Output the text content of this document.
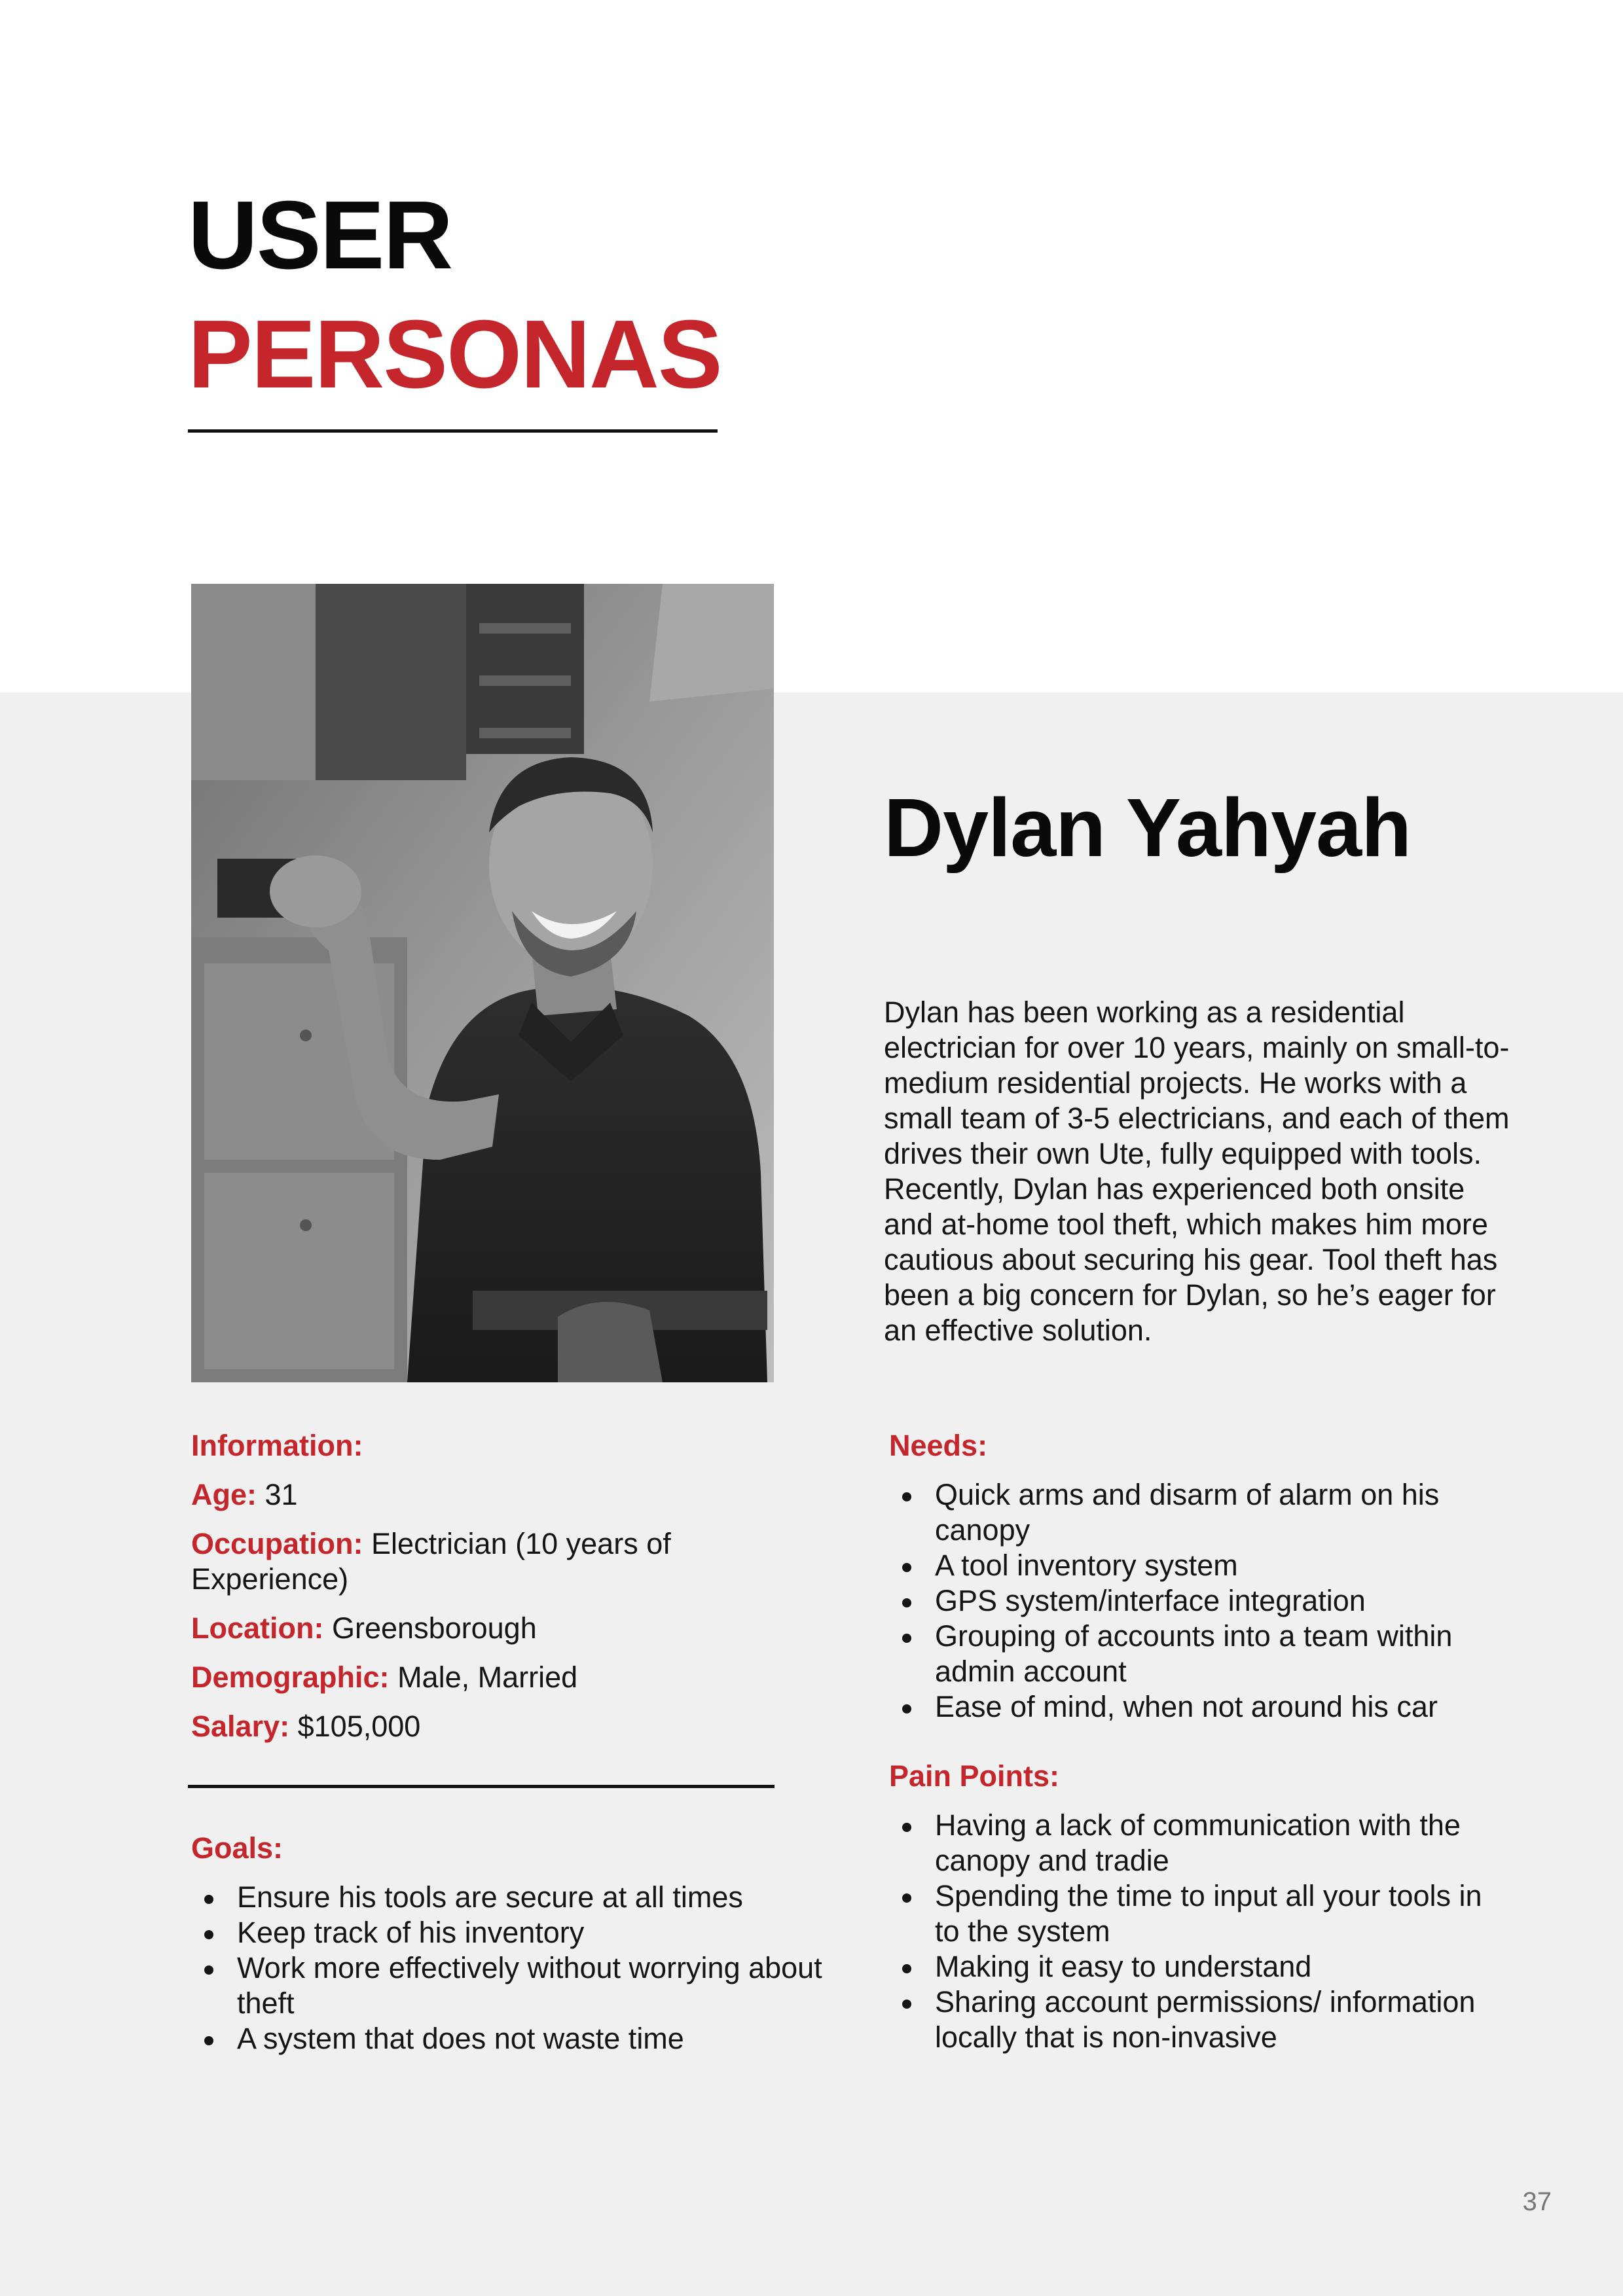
USER
PERSONAS
Dylan Yahyah

Dylan has been working as a residential electrician for over 10 years, mainly on small-to-medium residential projects. He works with a small team of 3-5 electricians, and each of them drives their own Ute, fully equipped with tools. Recently, Dylan has experienced both onsite and at-home tool theft, which makes him more cautious about securing his gear. Tool theft has been a big concern for Dylan, so he’s eager for an effective solution.

Information:

Age: 31

Occupation: Electrician (10 years of Experience)

Location: Greensborough

Demographic: Male, Married

Salary: $105,000

Goals:
Ensure his tools are secure at all times
Keep track of his inventory
Work more effectively without worrying about theft
A system that does not waste time
Needs:
Quick arms and disarm of alarm on his canopy
A tool inventory system
GPS system/interface integration
Grouping of accounts into a team within admin account
Ease of mind, when not around his car
Pain Points:
Having a lack of communication with the canopy and tradie
Spending the time to input all your tools in to the system
Making it easy to understand
Sharing account permissions/ information locally that is non-invasive

37
